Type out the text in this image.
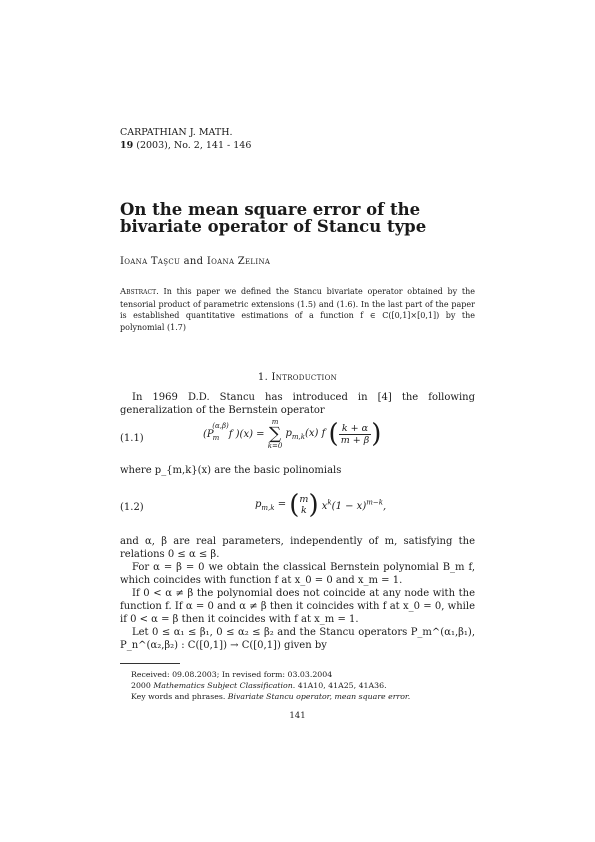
CARPATHIAN J. MATH.
19 (2003), No. 2, 141 - 146
On the mean square error of the bivariate operator of Stancu type
Ioana Taşcu and Ioana Zelina
Abstract. In this paper we defined the Stancu bivariate operator obtained by the tensorial product of parametric extensions (1.5) and (1.6). In the last part of the paper is established quantitative estimations of a function f ∈ C([0,1]×[0,1]) by the polynomial (1.7)
1. Introduction
In 1969 D.D. Stancu has introduced in [4] the following generalization of the Bernstein operator
(1.1)	($P_m^{(\alpha,\beta)}f$ )(x) =
m
∑
k=0
$p_{m,k}(x)$ f ( $\frac{k + \alpha}{m + \beta}$ )
where p_{m,k}(x) are the basic polinomials
(1.2)	$p_{m,k}$ = ( m
k ) $x^k(1 - x)^{m-k}$,
and α, β are real parameters, independently of m, satisfying the relations 0 ≤ α ≤ β.
For α = β = 0 we obtain the classical Bernstein polynomial B_m f, which coincides with function f at x_0 = 0 and x_m = 1.
If 0 < α ≠ β the polynomial does not coincide at any node with the function f. If α = 0 and α ≠ β then it coincides with f at x_0 = 0, while if 0 < α = β then it coincides with f at x_m = 1.
Let 0 ≤ α₁ ≤ β₁, 0 ≤ α₂ ≤ β₂ and the Stancu operators P_m^(α₁,β₁), P_n^(α₂,β₂) : C([0,1]) → C([0,1]) given by
Received: 09.08.2003; In revised form: 03.03.2004
2000 Mathematics Subject Classification. 41A10, 41A25, 41A36.
Key words and phrases. Bivariate Stancu operator, mean square error.
141
